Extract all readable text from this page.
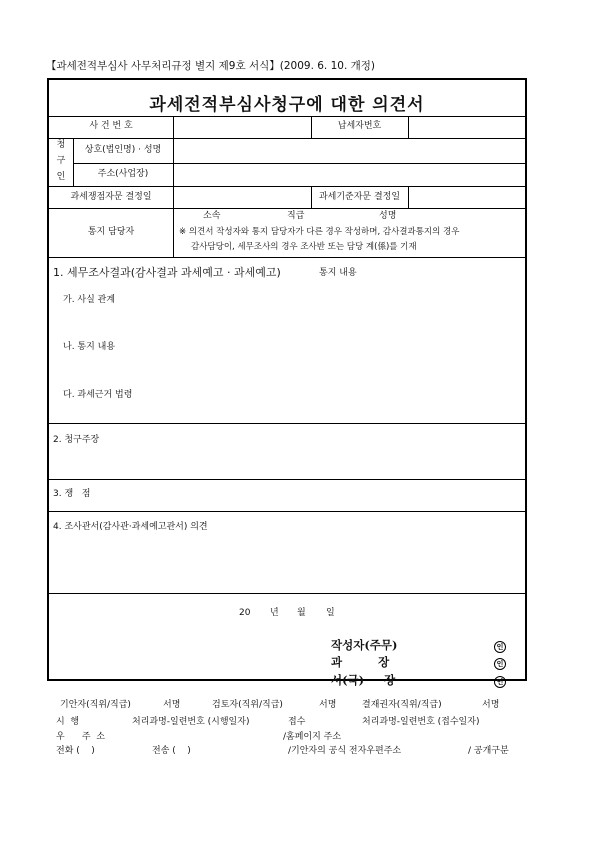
【과세전적부심사 사무처리규정 별지 제9호 서식】(2009. 6. 10. 개정)
과세전적부심사청구에 대한 의견서
사 건 번 호	납세자번호
청
구
인
상호(법인명) · 성명
주소(사업장)
과세쟁점자문 결정일	과세기준자문 결정일
통지 담당자
소속	직급	성명
※ 의견서 작성자와 통지 담당자가 다른 경우 작성하며, 감사결과통지의 경우
감사담당이, 세무조사의 경우 조사반 또는 담당 계(係)를 기재
1. 세무조사결과(감사결과 과세예고 · 과세예고)	통지 내용
가. 사실 관계
나. 통지 내용
다. 과세근거 법령
2. 청구주장
3. 쟁   점
4. 조사관서(감사관·과세예고관서) 의견
20 년 월 일
작성자(주무)	인
과         장	인
서(국)     장	인
기안자(직위/직급)	서명	검토자(직위/직급)	서명	결재권자(직위/직급)	서명
시  행	처리과명-일련번호 (시행일자)	접수	처리과명-일련번호 (접수일자)
우      주  소	/홈페이지 주소
전화 (    )	전송 (    )	/기안자의 공식 전자우편주소	/ 공개구분
